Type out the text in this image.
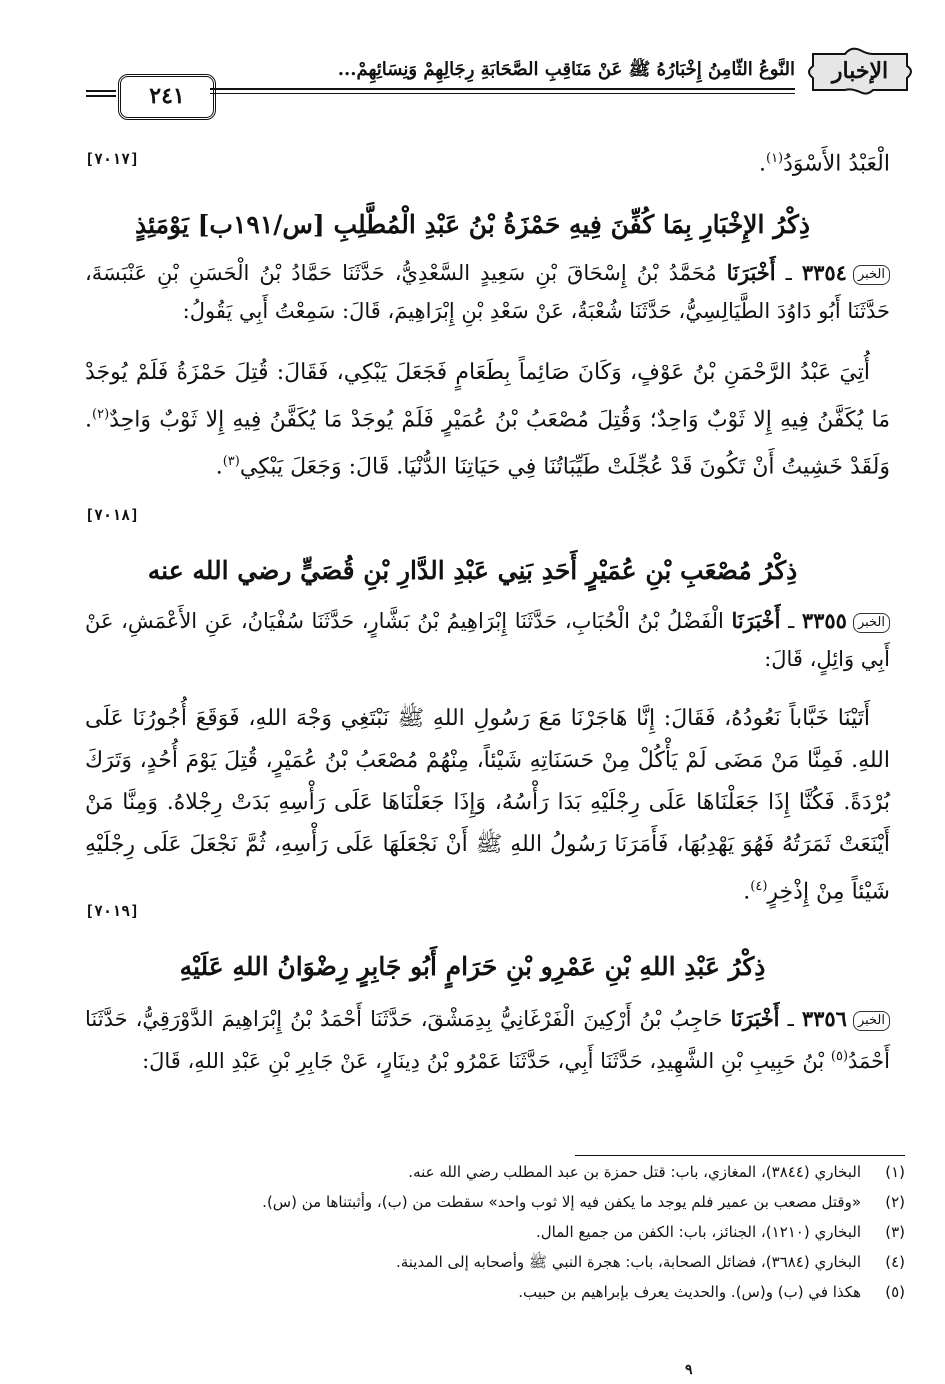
الإخبار
النَّوعُ الثَّامِنُ إِخْبَارُهُ ﷺ عَنْ مَنَاقِبِ الصَّحَابَةِ رِجَالِهِمْ وَنِسَائِهِمْ...
٢٤١
الْعَبْدُ الأَسْوَدُ$^{(١)}$.
[٧٠١٧]
ذِكْرُ الإِخْبَارِ بِمَا كُفِّنَ فِيهِ حَمْزَةُ بْنُ عَبْدِ الْمُطَّلِبِ [س/١٩١ب] يَوْمَئِذٍ
الخبر٣٣٥٤ ـ أَخْبَرَنَا مُحَمَّدُ بْنُ إِسْحَاقَ بْنِ سَعِيدٍ السَّعْدِيُّ، حَدَّثَنَا حَمَّادُ بْنُ الْحَسَنِ بْنِ عَنْبَسَةَ، حَدَّثَنَا أَبُو دَاوُدَ الطَّيَالِسِيُّ، حَدَّثَنَا شُعْبَةُ، عَنْ سَعْدِ بْنِ إِبْرَاهِيمَ، قَالَ: سَمِعْتُ أَبِي يَقُولُ:
أُتِيَ عَبْدُ الرَّحْمَنِ بْنُ عَوْفٍ، وَكَانَ صَائِماً بِطَعَامٍ فَجَعَلَ يَبْكِي، فَقَالَ: قُتِلَ حَمْزَةُ فَلَمْ يُوجَدْ مَا يُكَفَّنُ فِيهِ إِلا ثَوْبٌ وَاحِدٌ؛ وَقُتِلَ مُصْعَبُ بْنُ عُمَيْرٍ فَلَمْ يُوجَدْ مَا يُكَفَّنُ فِيهِ إِلا ثَوْبٌ وَاحِدٌ$^{(٢)}$. وَلَقَدْ خَشِيتُ أَنْ تَكُونَ قَدْ عُجِّلَتْ طَيِّبَاتُنَا فِي حَيَاتِنَا الدُّنْيَا. قَالَ: وَجَعَلَ يَبْكِي$^{(٣)}$.
[٧٠١٨]
ذِكْرُ مُصْعَبِ بْنِ عُمَيْرٍ أَحَدِ بَنِي عَبْدِ الدَّارِ بْنِ قُصَيٍّ رضي الله عنه
الخبر٣٣٥٥ ـ أَخْبَرَنَا الْفَضْلُ بْنُ الْحُبَابِ، حَدَّثَنَا إِبْرَاهِيمُ بْنُ بَشَّارٍ، حَدَّثَنَا سُفْيَانُ، عَنِ الأَعْمَشِ، عَنْ أَبِي وَائِلٍ، قَالَ:
أَتَيْنَا خَبَّاباً نَعُودُهُ، فَقَالَ: إِنَّا هَاجَرْنَا مَعَ رَسُولِ اللهِ ﷺ نَبْتَغِي وَجْهَ اللهِ، فَوَقَعَ أُجُورُنَا عَلَى اللهِ. فَمِنَّا مَنْ مَضَى لَمْ يَأْكُلْ مِنْ حَسَنَاتِهِ شَيْئاً، مِنْهُمْ مُصْعَبُ بْنُ عُمَيْرٍ، قُتِلَ يَوْمَ أُحُدٍ، وَتَرَكَ بُرْدَةً. فَكُنَّا إِذَا جَعَلْنَاهَا عَلَى رِجْلَيْهِ بَدَا رَأْسُهُ، وَإِذَا جَعَلْنَاهَا عَلَى رَأْسِهِ بَدَتْ رِجْلاهُ. وَمِنَّا مَنْ أَيْنَعَتْ ثَمَرَتُهُ فَهُوَ يَهْدِبُهَا، فَأَمَرَنَا رَسُولُ اللهِ ﷺ أَنْ نَجْعَلَهَا عَلَى رَأْسِهِ، ثُمَّ نَجْعَلَ عَلَى رِجْلَيْهِ شَيْئاً مِنْ إِذْخِرٍ$^{(٤)}$.
[٧٠١٩]
ذِكْرُ عَبْدِ اللهِ بْنِ عَمْرِو بْنِ حَرَامٍ أَبُو جَابِرٍ رِضْوَانُ اللهِ عَلَيْهِ
الخبر٣٣٥٦ ـ أَخْبَرَنَا حَاجِبُ بْنُ أَرْكِينَ الْفَرْغَانِيُّ بِدِمَشْقَ، حَدَّثَنَا أَحْمَدُ بْنُ إِبْرَاهِيمَ الدَّوْرَقِيُّ، حَدَّثَنَا أَحْمَدُ$^{(٥)}$ بْنُ حَبِيبِ بْنِ الشَّهِيدِ، حَدَّثَنَا أَبِي، حَدَّثَنَا عَمْرُو بْنُ دِينَارٍ، عَنْ جَابِرِ بْنِ عَبْدِ اللهِ، قَالَ:
(١)البخاري (٣٨٤٤)، المغازي، باب: قتل حمزة بن عبد المطلب رضي الله عنه.
(٢)«وقتل مصعب بن عمير فلم يوجد ما يكفن فيه إلا ثوب واحد» سقطت من (ب)، وأثبتناها من (س).
(٣)البخاري (١٢١٠)، الجنائز، باب: الكفن من جميع المال.
(٤)البخاري (٣٦٨٤)، فضائل الصحابة، باب: هجرة النبي ﷺ وأصحابه إلى المدينة.
(٥)هكذا في (ب) و(س). والحديث يعرف بإبراهيم بن حبيب.
٩
